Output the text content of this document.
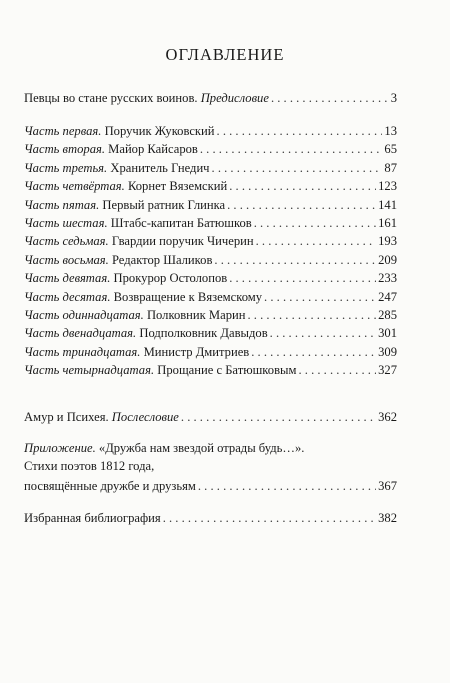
ОГЛАВЛЕНИЕ
Певцы во стане русских воинов. Предисловие . . .	3
Часть первая. Поручик Жуковский . . .	13
Часть вторая. Майор Кайсаров . . .	65
Часть третья. Хранитель Гнедич . . .	87
Часть четвёртая. Корнет Вяземский . . .	123
Часть пятая. Первый ратник Глинка . . .	141
Часть шестая. Штабс-капитан Батюшков . . .	161
Часть седьмая. Гвардии поручик Чичерин . . .	193
Часть восьмая. Редактор Шаликов . . .	209
Часть девятая. Прокурор Остолопов . . .	233
Часть десятая. Возвращение к Вяземскому . . .	247
Часть одиннадцатая. Полковник Марин . . .	285
Часть двенадцатая. Подполковник Давыдов . . .	301
Часть тринадцатая. Министр Дмитриев . . .	309
Часть четырнадцатая. Прощание с Батюшковым . . .	327
Амур и Психея. Послесловие . . .	362
Приложение. «Дружба нам звездой отрады будь…».
Стихи поэтов 1812 года,
посвящённые дружбе и друзьям . . .	367
Избранная библиография . . .	382
